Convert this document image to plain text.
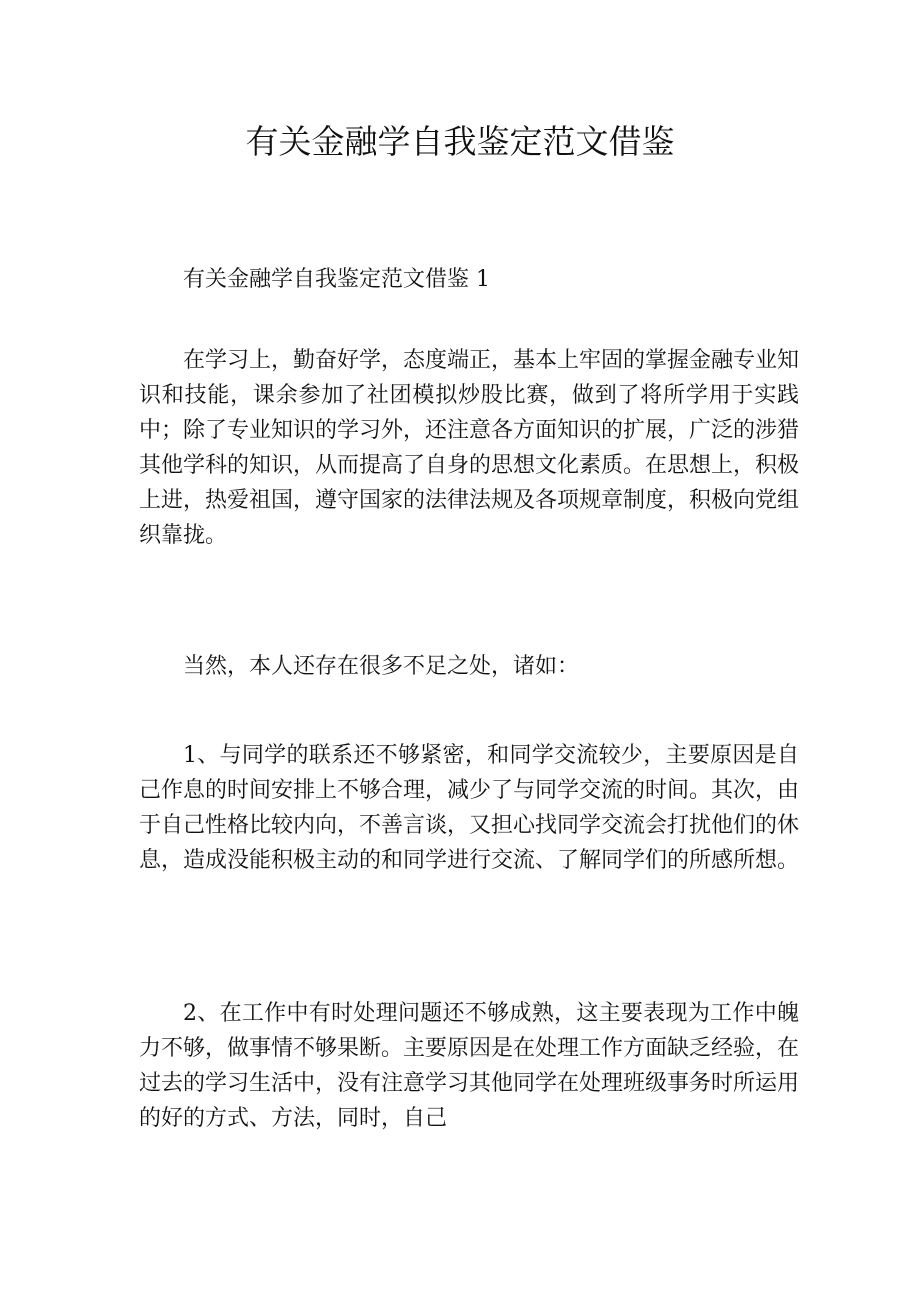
有关金融学自我鉴定范文借鉴

有关金融学自我鉴定范文借鉴 1

在学习上，勤奋好学，态度端正，基本上牢固的掌握金融专业知识和技能，课余参加了社团模拟炒股比赛，做到了将所学用于实践中；除了专业知识的学习外，还注意各方面知识的扩展，广泛的涉猎其他学科的知识，从而提高了自身的思想文化素质。在思想上，积极上进，热爱祖国，遵守国家的法律法规及各项规章制度，积极向党组织靠拢。

当然，本人还存在很多不足之处，诸如：

1、与同学的联系还不够紧密，和同学交流较少，主要原因是自己作息的时间安排上不够合理，减少了与同学交流的时间。其次，由于自己性格比较内向，不善言谈，又担心找同学交流会打扰他们的休息，造成没能积极主动的和同学进行交流、了解同学们的所感所想。

2、在工作中有时处理问题还不够成熟，这主要表现为工作中魄力不够，做事情不够果断。主要原因是在处理工作方面缺乏经验，在过去的学习生活中，没有注意学习其他同学在处理班级事务时所运用的好的方式、方法，同时，自己
